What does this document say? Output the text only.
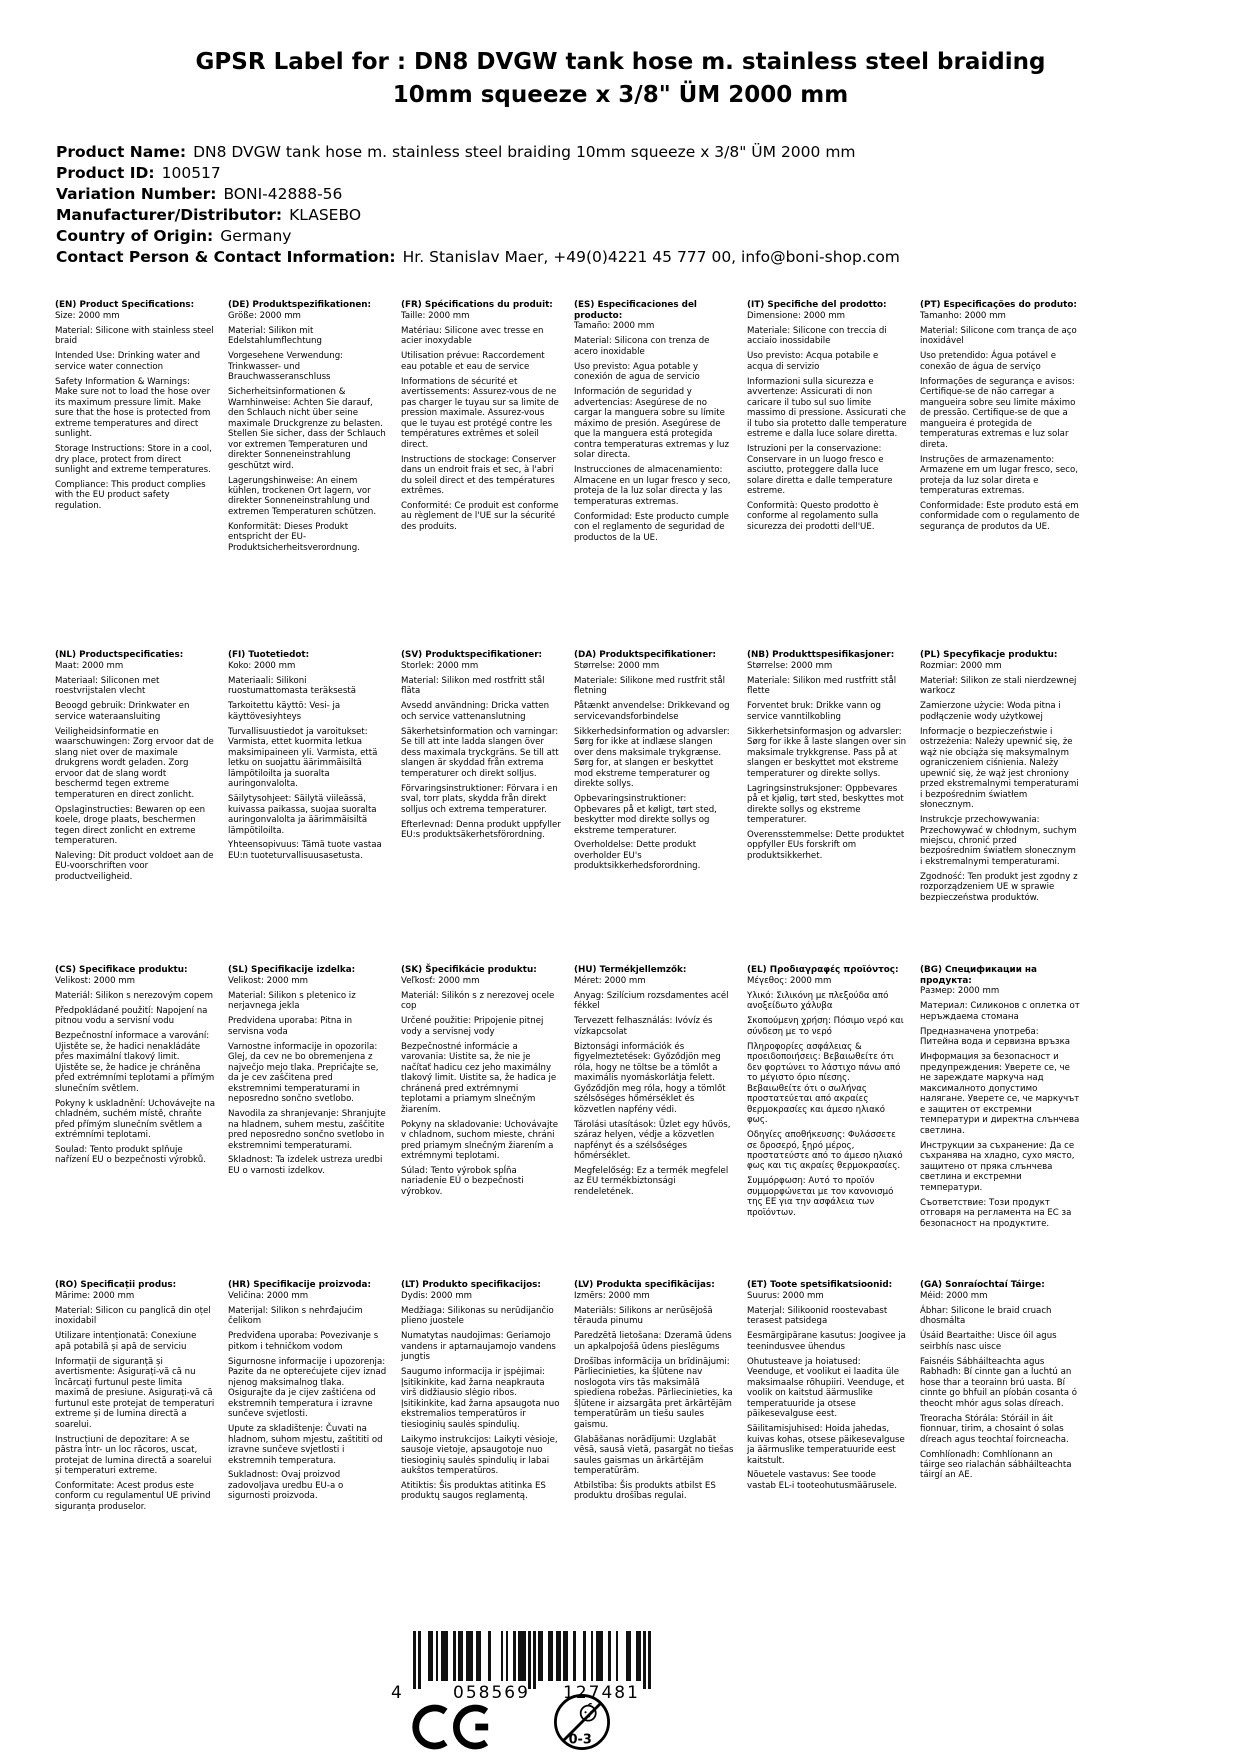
GPSR Label for : DN8 DVGW tank hose m. stainless steel braiding 10mm squeeze x 3/8" ÜM 2000 mm
Product Name: DN8 DVGW tank hose m. stainless steel braiding 10mm squeeze x 3/8" ÜM 2000 mm
Product ID: 100517
Variation Number: BONI-42888-56
Manufacturer/Distributor: KLASEBO
Country of Origin: Germany
Contact Person & Contact Information: Hr. Stanislav Maer, +49(0)4221 45 777 00, info@boni-shop.com
(EN) Product Specifications:

Size: 2000 mm

Material: Silicone with stainless steel braid

Intended Use: Drinking water and service water connection

Safety Information & Warnings: Make sure not to load the hose over its maximum pressure limit. Make sure that the hose is protected from extreme temperatures and direct sunlight.

Storage Instructions: Store in a cool, dry place, protect from direct sunlight and extreme temperatures.

Compliance: This product complies with the EU product safety regulation.

(DE) Produktspezifikationen:

Größe: 2000 mm

Material: Silikon mit Edelstahlumflechtung

Vorgesehene Verwendung: Trinkwasser- und Brauchwasseranschluss

Sicherheitsinformationen & Warnhinweise: Achten Sie darauf, den Schlauch nicht über seine maximale Druckgrenze zu belasten. Stellen Sie sicher, dass der Schlauch vor extremen Temperaturen und direkter Sonneneinstrahlung geschützt wird.

Lagerungshinweise: An einem kühlen, trockenen Ort lagern, vor direkter Sonneneinstrahlung und extremen Temperaturen schützen.

Konformität: Dieses Produkt entspricht der EU-Produktsicherheitsverordnung.

(FR) Spécifications du produit:

Taille: 2000 mm

Matériau: Silicone avec tresse en acier inoxydable

Utilisation prévue: Raccordement eau potable et eau de service

Informations de sécurité et avertissements: Assurez-vous de ne pas charger le tuyau sur sa limite de pression maximale. Assurez-vous que le tuyau est protégé contre les températures extrêmes et soleil direct.

Instructions de stockage: Conserver dans un endroit frais et sec, à l'abri du soleil direct et des températures extrêmes.

Conformité: Ce produit est conforme au règlement de l'UE sur la sécurité des produits.

(ES) Especificaciones del producto:

Tamaño: 2000 mm

Material: Silicona con trenza de acero inoxidable

Uso previsto: Agua potable y conexión de agua de servicio

Información de seguridad y advertencias: Asegúrese de no cargar la manguera sobre su límite máximo de presión. Asegúrese de que la manguera está protegida contra temperaturas extremas y luz solar directa.

Instrucciones de almacenamiento: Almacene en un lugar fresco y seco, proteja de la luz solar directa y las temperaturas extremas.

Conformidad: Este producto cumple con el reglamento de seguridad de productos de la UE.

(IT) Specifiche del prodotto:

Dimensione: 2000 mm

Materiale: Silicone con treccia di acciaio inossidabile

Uso previsto: Acqua potabile e acqua di servizio

Informazioni sulla sicurezza e avvertenze: Assicurati di non caricare il tubo sul suo limite massimo di pressione. Assicurati che il tubo sia protetto dalle temperature estreme e dalla luce solare diretta.

Istruzioni per la conservazione: Conservare in un luogo fresco e asciutto, proteggere dalla luce solare diretta e dalle temperature estreme.

Conformità: Questo prodotto è conforme al regolamento sulla sicurezza dei prodotti dell'UE.

(PT) Especificações do produto:

Tamanho: 2000 mm

Material: Silicone com trança de aço inoxidável

Uso pretendido: Água potável e conexão de água de serviço

Informações de segurança e avisos: Certifique-se de não carregar a mangueira sobre seu limite máximo de pressão. Certifique-se de que a mangueira é protegida de temperaturas extremas e luz solar direta.

Instruções de armazenamento: Armazene em um lugar fresco, seco, proteja da luz solar direta e temperaturas extremas.

Conformidade: Este produto está em conformidade com o regulamento de segurança de produtos da UE.

(NL) Productspecificaties:

Maat: 2000 mm

Materiaal: Siliconen met roestvrijstalen vlecht

Beoogd gebruik: Drinkwater en service wateraansluiting

Veiligheidsinformatie en waarschuwingen: Zorg ervoor dat de slang niet over de maximale drukgrens wordt geladen. Zorg ervoor dat de slang wordt beschermd tegen extreme temperaturen en direct zonlicht.

Opslaginstructies: Bewaren op een koele, droge plaats, beschermen tegen direct zonlicht en extreme temperaturen.

Naleving: Dit product voldoet aan de EU-voorschriften voor productveiligheid.

(FI) Tuotetiedot:

Koko: 2000 mm

Materiaali: Silikoni ruostumattomasta teräksestä

Tarkoitettu käyttö: Vesi- ja käyttövesiyhteys

Turvallisuustiedot ja varoitukset: Varmista, ettet kuormita letkua maksimipaineen yli. Varmista, että letku on suojattu äärimmäisiltä lämpötiloilta ja suoralta auringonvalolta.

Säilytysohjeet: Säilytä viileässä, kuivassa paikassa, suojaa suoralta auringonvalolta ja äärimmäisiltä lämpötiloilta.

Yhteensopivuus: Tämä tuote vastaa EU:n tuoteturvallisuusasetusta.

(SV) Produktspecifikationer:

Storlek: 2000 mm

Material: Silikon med rostfritt stål fläta

Avsedd användning: Dricka vatten och service vattenanslutning

Säkerhetsinformation och varningar: Se till att inte ladda slangen över dess maximala tryckgräns. Se till att slangen är skyddad från extrema temperaturer och direkt solljus.

Förvaringsinstruktioner: Förvara i en sval, torr plats, skydda från direkt solljus och extrema temperaturer.

Efterlevnad: Denna produkt uppfyller EU:s produktsäkerhetsförordning.

(DA) Produktspecifikationer:

Størrelse: 2000 mm

Materiale: Silikone med rustfrit stål fletning

Påtænkt anvendelse: Drikkevand og servicevandsforbindelse

Sikkerhedsinformation og advarsler: Sørg for ikke at indlæse slangen over dens maksimale trykgrænse. Sørg for, at slangen er beskyttet mod ekstreme temperaturer og direkte sollys.

Opbevaringsinstruktioner: Opbevares på et køligt, tørt sted, beskytter mod direkte sollys og ekstreme temperaturer.

Overholdelse: Dette produkt overholder EU's produktsikkerhedsforordning.

(NB) Produkttspesifikasjoner:

Størrelse: 2000 mm

Materiale: Silikon med rustfritt stål flette

Forventet bruk: Drikke vann og service vanntilkobling

Sikkerhetsinformasjon og advarsler: Sørg for ikke å laste slangen over sin maksimale trykkgrense. Pass på at slangen er beskyttet mot ekstreme temperaturer og direkte sollys.

Lagringsinstruksjoner: Oppbevares på et kjølig, tørt sted, beskyttes mot direkte sollys og ekstreme temperaturer.

Overensstemmelse: Dette produktet oppfyller EUs forskrift om produktsikkerhet.

(PL) Specyfikacje produktu:

Rozmiar: 2000 mm

Materiał: Silikon ze stali nierdzewnej warkocz

Zamierzone użycie: Woda pitna i podłączenie wody użytkowej

Informacje o bezpieczeństwie i ostrzeżenia: Należy upewnić się, że wąż nie obciąża się maksymalnym ograniczeniem ciśnienia. Należy upewnić się, że wąż jest chroniony przed ekstremalnymi temperaturami i bezpośrednim światłem słonecznym.

Instrukcje przechowywania: Przechowywać w chłodnym, suchym miejscu, chronić przed bezpośrednim światłem słonecznym i ekstremalnymi temperaturami.

Zgodność: Ten produkt jest zgodny z rozporządzeniem UE w sprawie bezpieczeństwa produktów.

(CS) Specifikace produktu:

Velikost: 2000 mm

Materiál: Silikon s nerezovým copem

Předpokládané použití: Napojení na pitnou vodu a servisní vodu

Bezpečnostní informace a varování: Ujistěte se, že hadici nenakládáte přes maximální tlakový limit. Ujistěte se, že hadice je chráněna před extrémními teplotami a přímým slunečním světlem.

Pokyny k uskladnění: Uchovávejte na chladném, suchém místě, chraňte před přímým slunečním světlem a extrémními teplotami.

Soulad: Tento produkt splňuje nařízení EU o bezpečnosti výrobků.

(SL) Specifikacije izdelka:

Velikost: 2000 mm

Material: Silikon s pletenico iz nerjavnega jekla

Predvidena uporaba: Pitna in servisna voda

Varnostne informacije in opozorila: Glej, da cev ne bo obremenjena z največjo mejo tlaka. Prepričajte se, da je cev zaščitena pred ekstremnimi temperaturami in neposredno sončno svetlobo.

Navodila za shranjevanje: Shranjujte na hladnem, suhem mestu, zaščitite pred neposredno sončno svetlobo in ekstremnimi temperaturami.

Skladnost: Ta izdelek ustreza uredbi EU o varnosti izdelkov.

(SK) Špecifikácie produktu:

Veľkosť: 2000 mm

Materiál: Silikón s z nerezovej ocele cop

Určené použitie: Pripojenie pitnej vody a servisnej vody

Bezpečnostné informácie a varovania: Uistite sa, že nie je načítať hadicu cez jeho maximálny tlakový limit. Uistite sa, že hadica je chránená pred extrémnymi teplotami a priamym slnečným žiarením.

Pokyny na skladovanie: Uchovávajte v chladnom, suchom mieste, chráni pred priamym slnečným žiarením a extrémnymi teplotami.

Súlad: Tento výrobok spĺňa nariadenie EÚ o bezpečnosti výrobkov.

(HU) Termékjellemzők:

Méret: 2000 mm

Anyag: Szilícium rozsdamentes acél fékkel

Tervezett felhasználás: Ivóvíz és vízkapcsolat

Biztonsági információk és figyelmeztetések: Győződjön meg róla, hogy ne töltse be a tömlőt a maximális nyomáskorlátja felett. Győződjön meg róla, hogy a tömlőt szélsőséges hőmérséklet és közvetlen napfény védi.

Tárolási utasítások: Üzlet egy hűvös, száraz helyen, védje a közvetlen napfényt és a szélsőséges hőmérséklet.

Megfelelőség: Ez a termék megfelel az EU termékbiztonsági rendeletének.

(EL) Προδιαγραφές προϊόντος:

Μέγεθος: 2000 mm

Υλικό: Σιλικόνη με πλεξούδα από ανοξείδωτο χάλυβα

Σκοπούμενη χρήση: Πόσιμο νερό και σύνδεση με το νερό

Πληροφορίες ασφάλειας & προειδοποιήσεις: Βεβαιωθείτε ότι δεν φορτώνει το λάστιχο πάνω από το μέγιστο όριο πίεσης. Βεβαιωθείτε ότι ο σωλήνας προστατεύεται από ακραίες θερμοκρασίες και άμεσο ηλιακό φως.

Οδηγίες αποθήκευσης: Φυλάσσετε σε δροσερό, ξηρό μέρος, προστατεύστε από το άμεσο ηλιακό φως και τις ακραίες θερμοκρασίες.

Συμμόρφωση: Αυτό το προϊόν συμμορφώνεται με τον κανονισμό της ΕΕ για την ασφάλεια των προϊόντων.

(BG) Спецификации на продукта:

Размер: 2000 mm

Материал: Силиконов с оплетка от неръждаема стомана

Предназначена употреба: Питейна вода и сервизна връзка

Информация за безопасност и предупреждения: Уверете се, че не зареждате маркуча над максималното допустимо налягане. Уверете се, че маркучът е защитен от екстремни температури и директна слънчева светлина.

Инструкции за съхранение: Да се съхранява на хладно, сухо място, защитено от пряка слънчева светлина и екстремни температури.

Съответствие: Този продукт отговаря на регламента на ЕС за безопасност на продуктите.

(RO) Specificații produs:

Mărime: 2000 mm

Material: Silicon cu panglică din oțel inoxidabil

Utilizare intenționată: Conexiune apă potabilă și apă de serviciu

Informații de siguranță și avertismente: Asigurați-vă că nu încărcați furtunul peste limita maximă de presiune. Asigurați-vă că furtunul este protejat de temperaturi extreme și de lumina directă a soarelui.

Instrucțiuni de depozitare: A se păstra într- un loc răcoros, uscat, protejat de lumina directă a soarelui și temperaturi extreme.

Conformitate: Acest produs este conform cu regulamentul UE privind siguranța produselor.

(HR) Specifikacije proizvoda:

Veličina: 2000 mm

Materijal: Silikon s nehrđajućim čelikom

Predviđena uporaba: Povezivanje s pitkom i tehničkom vodom

Sigurnosne informacije i upozorenja: Pazite da ne opterećujete cijev iznad njenog maksimalnog tlaka. Osigurajte da je cijev zaštićena od ekstremnih temperatura i izravne sunčeve svjetlosti.

Upute za skladištenje: Čuvati na hladnom, suhom mjestu, zaštititi od izravne sunčeve svjetlosti i ekstremnih temperatura.

Sukladnost: Ovaj proizvod zadovoljava uredbu EU-a o sigurnosti proizvoda.

(LT) Produkto specifikacijos:

Dydis: 2000 mm

Medžiaga: Silikonas su nerūdijančio plieno juostele

Numatytas naudojimas: Geriamojo vandens ir aptarnaujamojo vandens jungtis

Saugumo informacija ir įspėjimai: Įsitikinkite, kad žarna neapkrauta virš didžiausio slėgio ribos. Įsitikinkite, kad žarna apsaugota nuo ekstremalios temperatūros ir tiesioginių saulės spindulių.

Laikymo instrukcijos: Laikyti vėsioje, sausoje vietoje, apsaugotoje nuo tiesioginių saulės spindulių ir labai aukštos temperatūros.

Atitiktis: Šis produktas atitinka ES produktų saugos reglamentą.

(LV) Produkta specifikācijas:

Izmērs: 2000 mm

Materiāls: Silikons ar nerūsējošā tērauda pinumu

Paredzētā lietošana: Dzeramā ūdens un apkalpojošā ūdens pieslēgums

Drošības informācija un brīdinājumi: Pārliecinieties, ka šļūtene nav noslogota virs tās maksimālā spiediena robežas. Pārliecinieties, ka šļūtene ir aizsargāta pret ārkārtējām temperatūrām un tiešu saules gaismu.

Glabāšanas norādījumi: Uzglabāt vēsā, sausā vietā, pasargāt no tiešas saules gaismas un ārkārtējām temperatūrām.

Atbilstība: Šis produkts atbilst ES produktu drošības regulai.

(ET) Toote spetsifikatsioonid:

Suurus: 2000 mm

Materjal: Silikoonid roostevabast terasest patsidega

Eesmärgipärane kasutus: Joogivee ja teenindusvee ühendus

Ohutusteave ja hoiatused: Veenduge, et voolikut ei laadita üle maksimaalse rõhupiiri. Veenduge, et voolik on kaitstud äärmuslike temperatuuride ja otsese päikesevalguse eest.

Säilitamisjuhised: Hoida jahedas, kuivas kohas, otsese päikesevalguse ja äärmuslike temperatuuride eest kaitstult.

Nõuetele vastavus: See toode vastab EL-i tooteohutusmäärusele.

(GA) Sonraíochtaí Táirge:

Méid: 2000 mm

Ábhar: Silicone le braid cruach dhosmálta

Úsáid Beartaithe: Uisce óil agus seirbhís nasc uisce

Faisnéis Sábháilteachta agus Rabhadh: Bí cinnte gan a luchtú an hose thar a teorainn brú uasta. Bí cinnte go bhfuil an píobán cosanta ó theocht mhór agus solas díreach.

Treoracha Stórála: Stóráil in áit fionnuar, tirim, a chosaint ó solas díreach agus teochtaí foircneacha.

Comhlíonadh: Comhlíonann an táirge seo rialachán sábháilteachta táirgí an AE.

4	058569 127481
0-3
